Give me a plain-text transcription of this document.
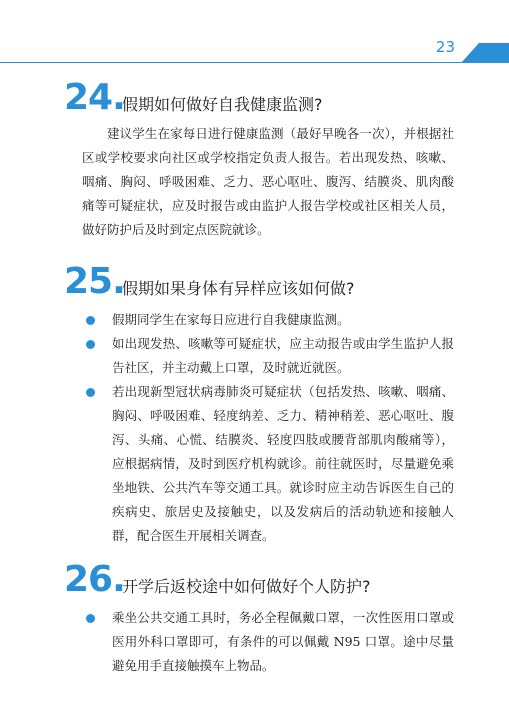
23
24.
假期如何做好自我健康监测?

建议学生在家每日进行健康监测（最好早晚各一次），并根据社区或学校要求向社区或学校指定负责人报告。若出现发热、咳嗽、咽痛、胸闷、呼吸困难、乏力、恶心呕吐、腹泻、结膜炎、肌肉酸痛等可疑症状，应及时报告或由监护人报告学校或社区相关人员，做好防护后及时到定点医院就诊。

25.
假期如果身体有异样应该如何做?
假期同学生在家每日应进行自我健康监测。
如出现发热、咳嗽等可疑症状，应主动报告或由学生监护人报告社区，并主动戴上口罩，及时就近就医。
若出现新型冠状病毒肺炎可疑症状（包括发热、咳嗽、咽痛、胸闷、呼吸困难、轻度纳差、乏力、精神稍差、恶心呕吐、腹泻、头痛、心慌、结膜炎、轻度四肢或腰背部肌肉酸痛等），应根据病情，及时到医疗机构就诊。前往就医时，尽量避免乘坐地铁、公共汽车等交通工具。就诊时应主动告诉医生自己的疾病史、旅居史及接触史，以及发病后的活动轨迹和接触人群，配合医生开展相关调查。
26.
开学后返校途中如何做好个人防护?
乘坐公共交通工具时，务必全程佩戴口罩，一次性医用口罩或医用外科口罩即可，有条件的可以佩戴 N95 口罩。途中尽量避免用手直接触摸车上物品。
